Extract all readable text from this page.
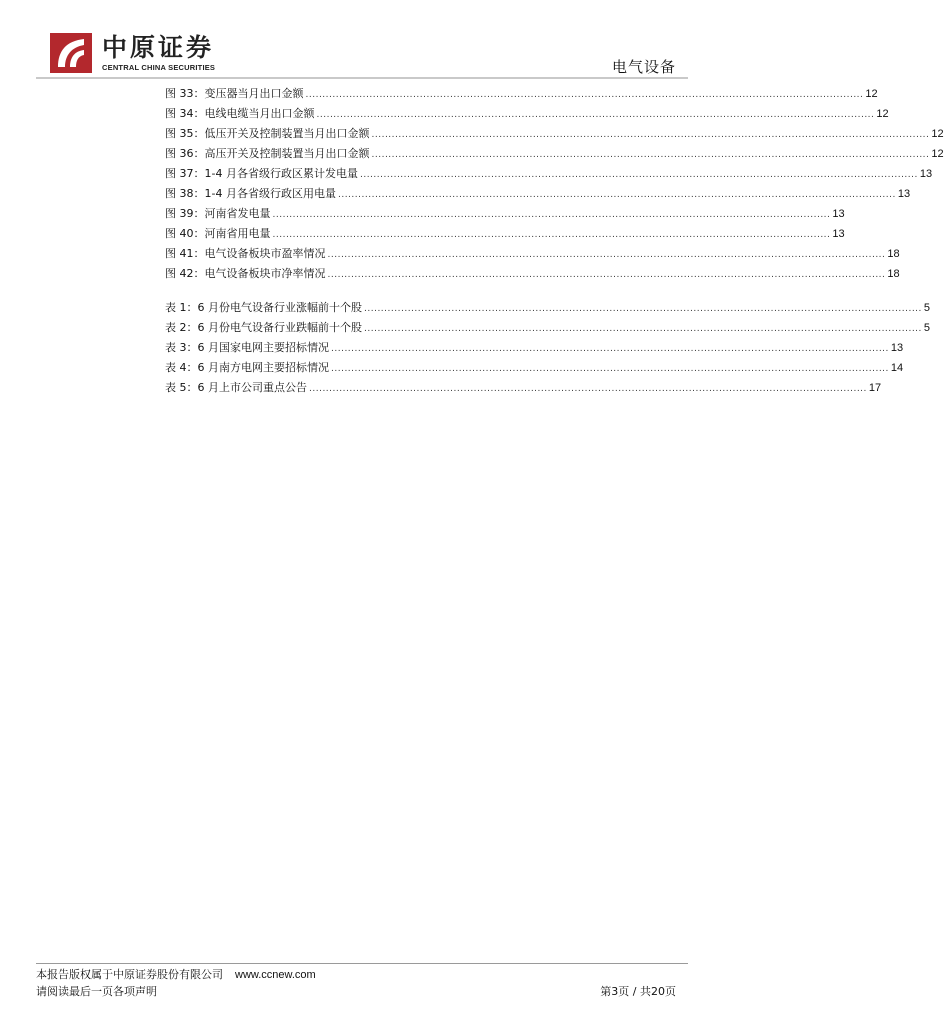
中原证券
CENTRAL CHINA SECURITIES	电气设备
图 33：变压器当月出口金额 ...................................................................................................................................................................... 12
图 34：电线电缆当月出口金额 ...................................................................................................................................................................... 12
图 35：低压开关及控制装置当月出口金额 ...................................................................................................................................................................... 12
图 36：高压开关及控制装置当月出口金额 ...................................................................................................................................................................... 12
图 37：1-4 月各省级行政区累计发电量 ...................................................................................................................................................................... 13
图 38：1-4 月各省级行政区用电量 ...................................................................................................................................................................... 13
图 39：河南省发电量 ...................................................................................................................................................................... 13
图 40：河南省用电量 ...................................................................................................................................................................... 13
图 41：电气设备板块市盈率情况 ...................................................................................................................................................................... 18
图 42：电气设备板块市净率情况 ...................................................................................................................................................................... 18
表 1：6 月份电气设备行业涨幅前十个股 ...................................................................................................................................................................... 5
表 2：6 月份电气设备行业跌幅前十个股 ...................................................................................................................................................................... 5
表 3：6 月国家电网主要招标情况 ...................................................................................................................................................................... 13
表 4：6 月南方电网主要招标情况 ...................................................................................................................................................................... 14
表 5：6 月上市公司重点公告 ...................................................................................................................................................................... 17
本报告版权属于中原证券股份有限公司 www.ccnew.com
请阅读最后一页各项声明	第3页 / 共20页
